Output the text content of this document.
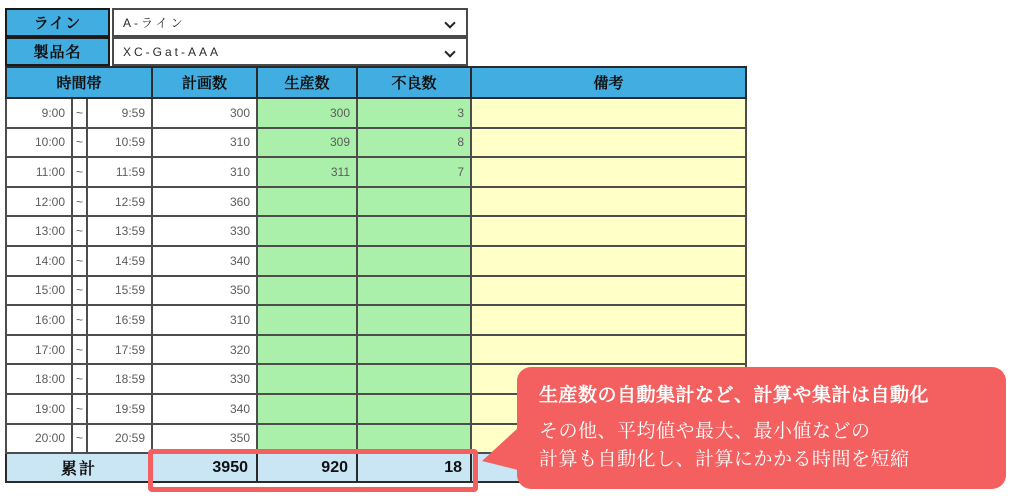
ライン	A-ライン
製品名	XC-Gat-AAA
時間帯			計画数	生産数	不良数	備考
9:00	~	9:59	300	300	3	
10:00	~	10:59	310	309	8	
11:00	~	11:59	310	311	7	
12:00	~	12:59	360			
13:00	~	13:59	330			
14:00	~	14:59	340			
15:00	~	15:59	350			
16:00	~	16:59	310			
17:00	~	17:59	320			
18:00	~	18:59	330			
19:00	~	19:59	340			
20:00	~	20:59	350			
累計			3950	920	18	
生産数の自動集計など、計算や集計は自動化
その他、平均値や最大、最小値などの
計算も自動化し、計算にかかる時間を短縮
